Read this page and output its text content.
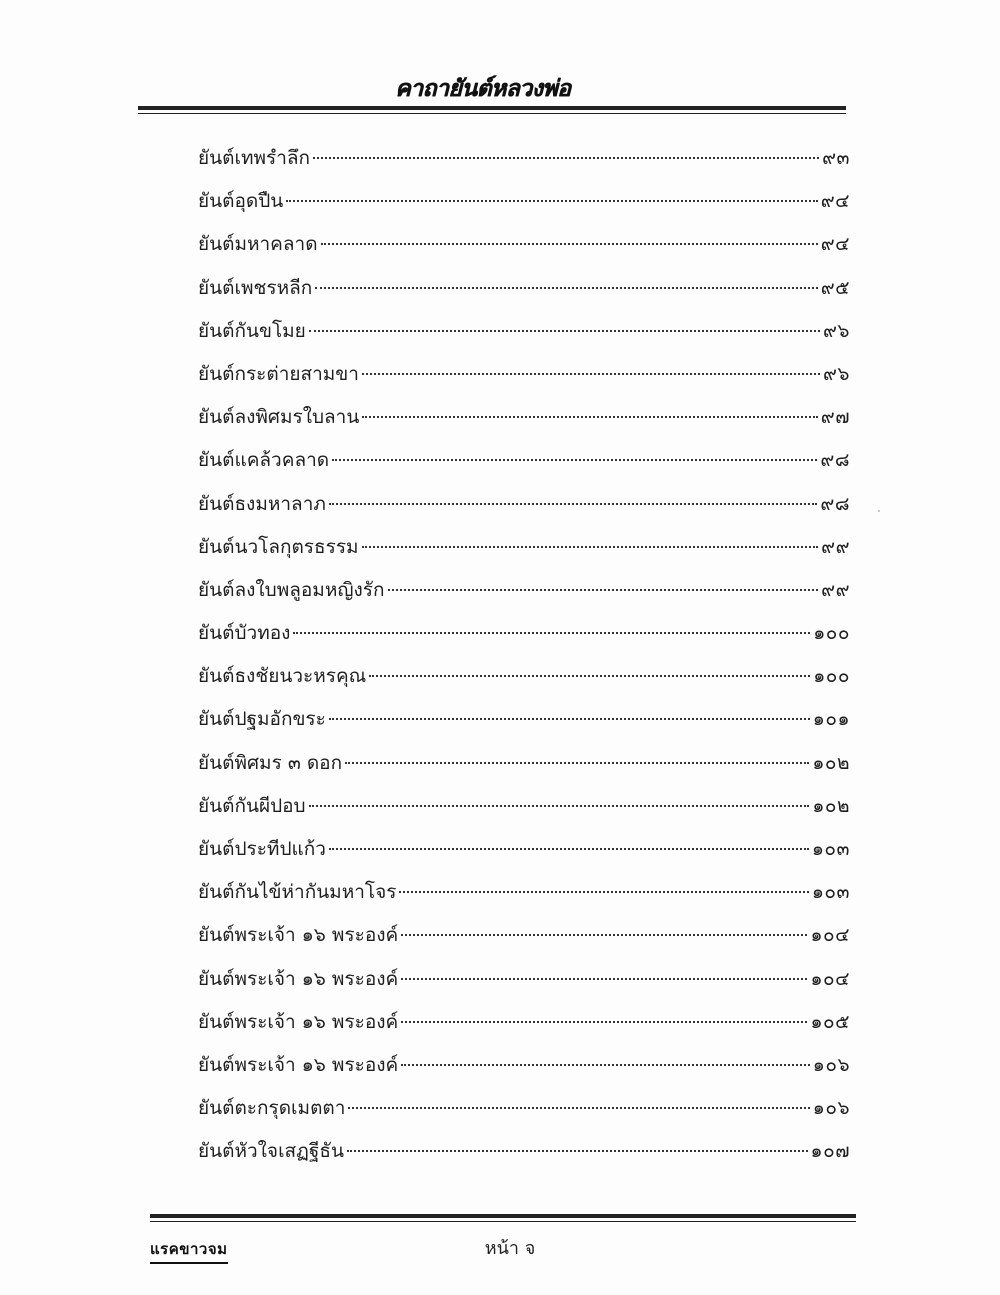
คาถายันต์หลวงพ่อ
ยันต์เทพรำลึก	๙๓
ยันต์อุดปืน	๙๔
ยันต์มหาคลาด	๙๔
ยันต์เพชรหลีก	๙๕
ยันต์กันขโมย	๙๖
ยันต์กระต่ายสามขา	๙๖
ยันต์ลงพิศมรใบลาน	๙๗
ยันต์แคล้วคลาด	๙๘
ยันต์ธงมหาลาภ	๙๘
ยันต์นวโลกุตรธรรม	๙๙
ยันต์ลงใบพลูอมหญิงรัก	๙๙
ยันต์บัวทอง	๑๐๐
ยันต์ธงชัยนวะหรคุณ	๑๐๐
ยันต์ปฐมอักขระ	๑๐๑
ยันต์พิศมร ๓ ดอก	๑๐๒
ยันต์กันผีปอบ	๑๐๒
ยันต์ประทีปแก้ว	๑๐๓
ยันต์กันไข้ห่ากันมหาโจร	๑๐๓
ยันต์พระเจ้า ๑๖ พระองค์	๑๐๔
ยันต์พระเจ้า ๑๖ พระองค์	๑๐๔
ยันต์พระเจ้า ๑๖ พระองค์	๑๐๕
ยันต์พระเจ้า ๑๖ พระองค์	๑๐๖
ยันต์ตะกรุดเมตตา	๑๐๖
ยันต์หัวใจเสฏฐีธัน	๑๐๗
แรคขาวจม	หน้า จ
